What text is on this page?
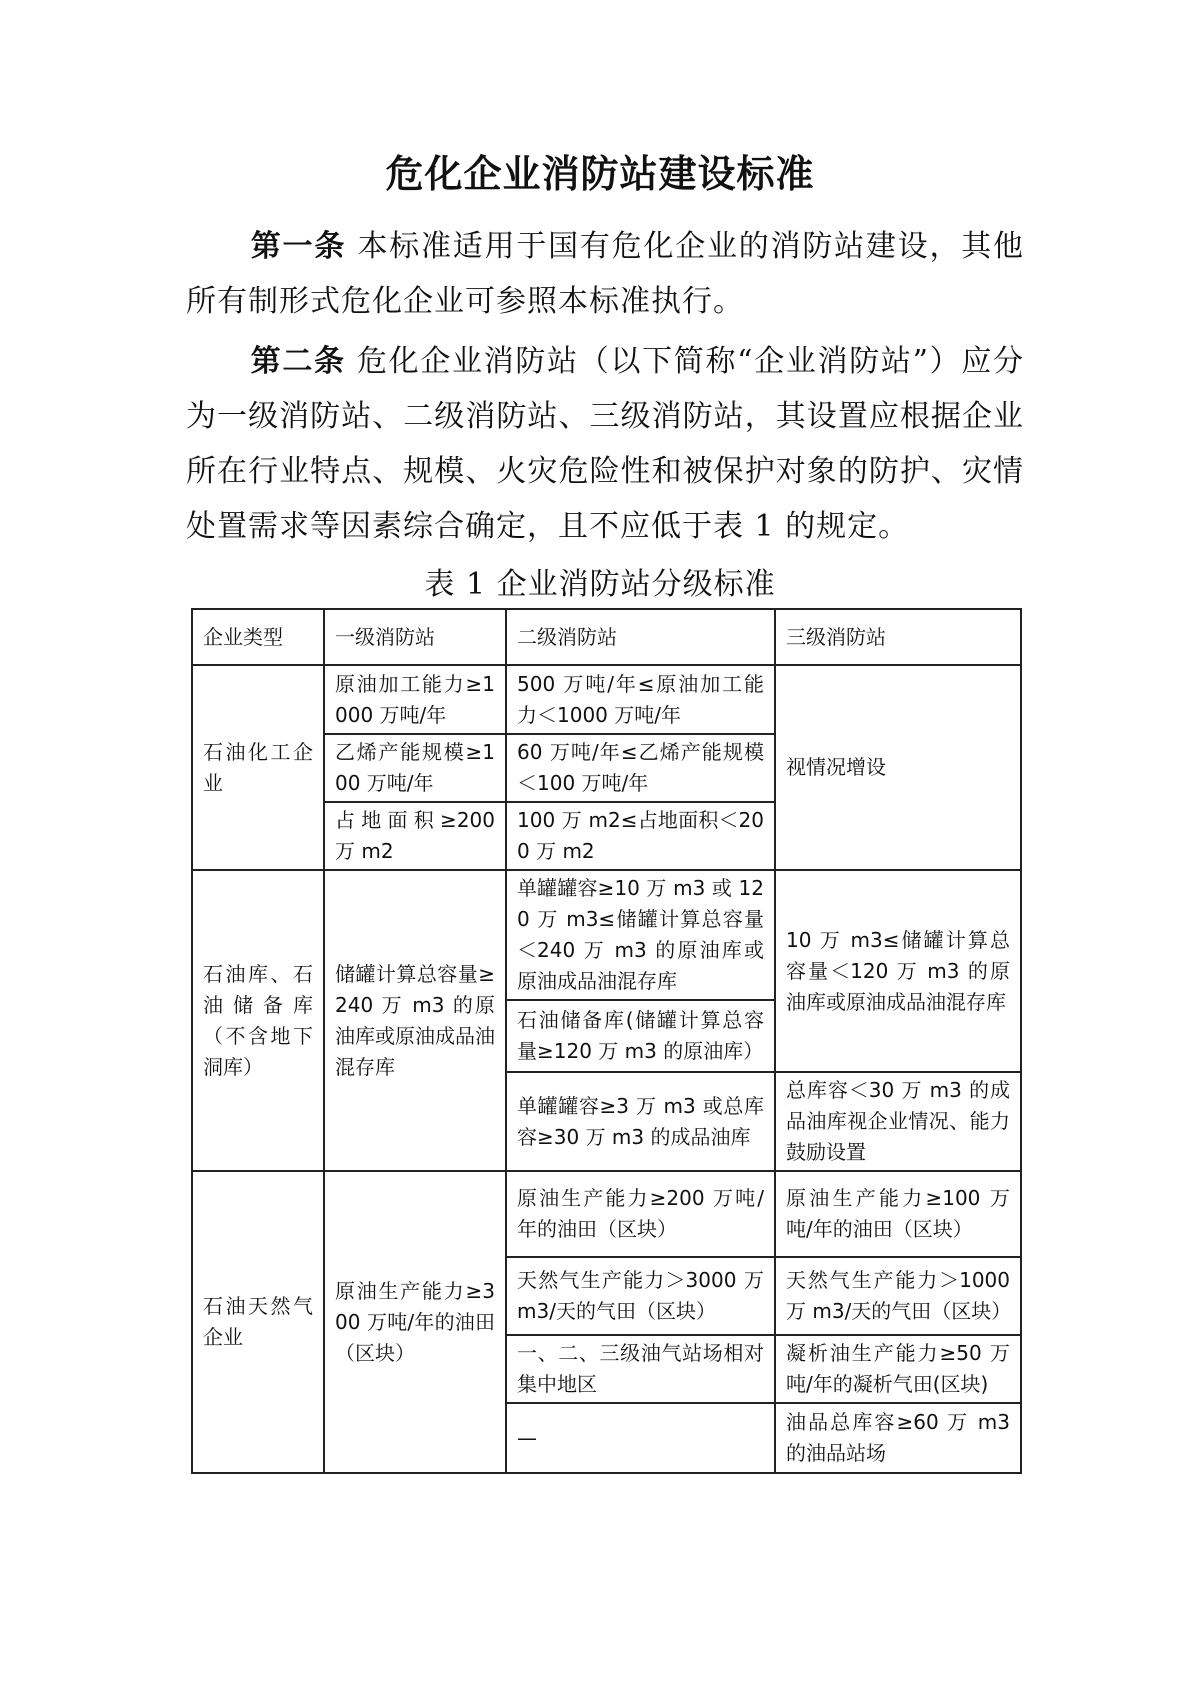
危化企业消防站建设标准
第一条 本标准适用于国有危化企业的消防站建设，其他所有制形式危化企业可参照本标准执行。
第二条 危化企业消防站（以下简称“企业消防站”）应分为一级消防站、二级消防站、三级消防站，其设置应根据企业所在行业特点、规模、火灾危险性和被保护对象的防护、灾情处置需求等因素综合确定，且不应低于表 1 的规定。
表 1 企业消防站分级标准
企业类型	一级消防站	二级消防站	三级消防站
石油化工企业	原油加工能力≥1000 万吨/年	500 万吨/年≤原油加工能力＜1000 万吨/年	视情况增设
	乙烯产能规模≥100 万吨/年	60 万吨/年≤乙烯产能规模＜100 万吨/年	
	占地面积≥200 万 m2	100 万 m2≤占地面积＜200 万 m2	
石油库、石油储备库（不含地下洞库）	储罐计算总容量≥240 万 m3 的原油库或原油成品油混存库	单罐罐容≥10 万 m3 或 120 万 m3≤储罐计算总容量＜240 万 m3 的原油库或原油成品油混存库	10 万 m3≤储罐计算总容量＜120 万 m3 的原油库或原油成品油混存库
		石油储备库(储罐计算总容量≥120 万 m3 的原油库）	
		单罐罐容≥3 万 m3 或总库容≥30 万 m3 的成品油库	总库容＜30 万 m3 的成品油库视企业情况、能力鼓励设置
石油天然气企业	原油生产能力≥300 万吨/年的油田（区块）	原油生产能力≥200 万吨/年的油田（区块）	原油生产能力≥100 万吨/年的油田（区块）
		天然气生产能力＞3000 万 m3/天的气田（区块）	天然气生产能力＞1000 万 m3/天的气田（区块）
		一、二、三级油气站场相对集中地区	凝析油生产能力≥50 万吨/年的凝析气田(区块)
		—	油品总库容≥60 万 m3 的油品站场
